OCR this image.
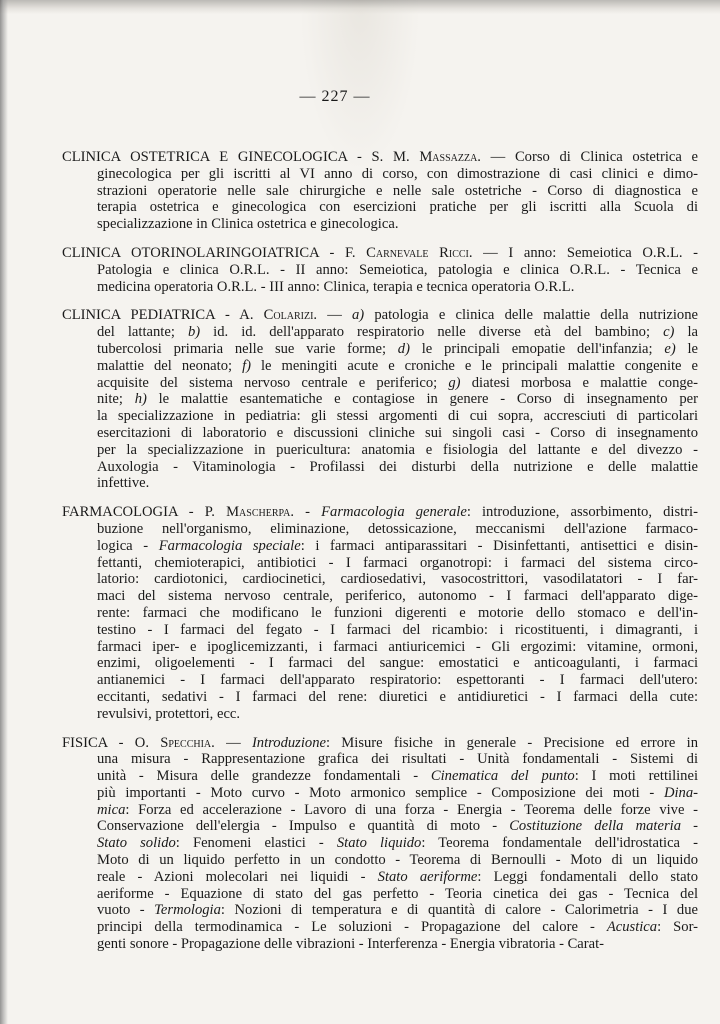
— 227 —
CLINICA OSTETRICA E GINECOLOGICA - S. M. Massazza. — Corso di Clinica ostetrica e
ginecologica per gli iscritti al VI anno di corso, con dimostrazione di casi clinici e dimo-
strazioni operatorie nelle sale chirurgiche e nelle sale ostetriche - Corso di diagnostica e
terapia ostetrica e ginecologica con esercizioni pratiche per gli iscritti alla Scuola di
specializzazione in Clinica ostetrica e ginecologica.
CLINICA OTORINOLARINGOIATRICA - F. Carnevale Ricci. — I anno: Semeiotica O.R.L. -
Patologia e clinica O.R.L. - II anno: Semeiotica, patologia e clinica O.R.L. - Tecnica e
medicina operatoria O.R.L. - III anno: Clinica, terapia e tecnica operatoria O.R.L.
CLINICA PEDIATRICA - A. Colarizi. — a) patologia e clinica delle malattie della nutrizione
del lattante; b) id. id. dell'apparato respiratorio nelle diverse età del bambino; c) la
tubercolosi primaria nelle sue varie forme; d) le principali emopatie dell'infanzia; e) le
malattie del neonato; f) le meningiti acute e croniche e le principali malattie congenite e
acquisite del sistema nervoso centrale e periferico; g) diatesi morbosa e malattie conge-
nite; h) le malattie esantematiche e contagiose in genere - Corso di insegnamento per
la specializzazione in pediatria: gli stessi argomenti di cui sopra, accresciuti di particolari
esercitazioni di laboratorio e discussioni cliniche sui singoli casi - Corso di insegnamento
per la specializzazione in puericultura: anatomia e fisiologia del lattante e del divezzo -
Auxologia - Vitaminologia - Profilassi dei disturbi della nutrizione e delle malattie
infettive.
FARMACOLOGIA - P. Mascherpa. - Farmacologia generale: introduzione, assorbimento, distri-
buzione nell'organismo, eliminazione, detossicazione, meccanismi dell'azione farmaco-
logica - Farmacologia speciale: i farmaci antiparassitari - Disinfettanti, antisettici e disin-
fettanti, chemioterapici, antibiotici - I farmaci organotropi: i farmaci del sistema circo-
latorio: cardiotonici, cardiocinetici, cardiosedativi, vasocostrittori, vasodilatatori - I far-
maci del sistema nervoso centrale, periferico, autonomo - I farmaci dell'apparato dige-
rente: farmaci che modificano le funzioni digerenti e motorie dello stomaco e dell'in-
testino - I farmaci del fegato - I farmaci del ricambio: i ricostituenti, i dimagranti, i
farmaci iper- e ipoglicemizzanti, i farmaci antiuricemici - Gli ergozimi: vitamine, ormoni,
enzimi, oligoelementi - I farmaci del sangue: emostatici e anticoagulanti, i farmaci
antianemici - I farmaci dell'apparato respiratorio: espettoranti - I farmaci dell'utero:
eccitanti, sedativi - I farmaci del rene: diuretici e antidiuretici - I farmaci della cute:
revulsivi, protettori, ecc.
FISICA - O. Specchia. — Introduzione: Misure fisiche in generale - Precisione ed errore in
una misura - Rappresentazione grafica dei risultati - Unità fondamentali - Sistemi di
unità - Misura delle grandezze fondamentali - Cinematica del punto: I moti rettilinei
più importanti - Moto curvo - Moto armonico semplice - Composizione dei moti - Dina-
mica: Forza ed accelerazione - Lavoro di una forza - Energia - Teorema delle forze vive -
Conservazione dell'elergia - Impulso e quantità di moto - Costituzione della materia -
Stato solido: Fenomeni elastici - Stato liquido: Teorema fondamentale dell'idrostatica -
Moto di un liquido perfetto in un condotto - Teorema di Bernoulli - Moto di un liquido
reale - Azioni molecolari nei liquidi - Stato aeriforme: Leggi fondamentali dello stato
aeriforme - Equazione di stato del gas perfetto - Teoria cinetica dei gas - Tecnica del
vuoto - Termologia: Nozioni di temperatura e di quantità di calore - Calorimetria - I due
principi della termodinamica - Le soluzioni - Propagazione del calore - Acustica: Sor-
genti sonore - Propagazione delle vibrazioni - Interferenza - Energia vibratoria - Carat-
